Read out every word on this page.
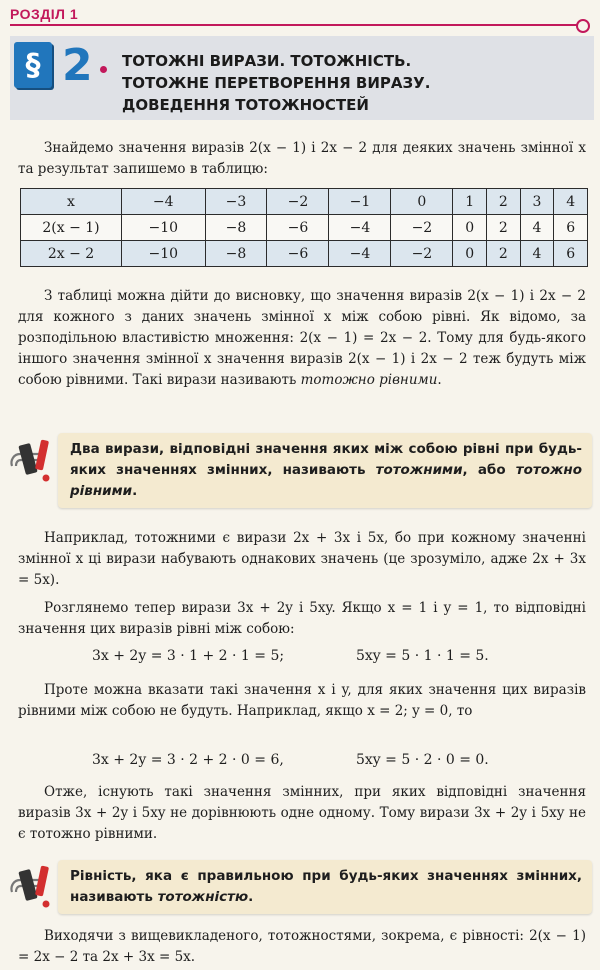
РОЗДІЛ 1
§ 2 ТОТОЖНІ ВИРАЗИ. ТОТОЖНІСТЬ.
ТОТОЖНЕ ПЕРЕТВОРЕННЯ ВИРАЗУ.
ДОВЕДЕННЯ ТОТОЖНОСТЕЙ

Знайдемо значення виразів 2(x − 1) і 2x − 2 для деяких значень змінної x та результат запишемо в таблицю:

x	−4	−3	−2	−1	0	1	2	3	4
2(x − 1)	−10	−8	−6	−4	−2	0	2	4	6
2x − 2	−10	−8	−6	−4	−2	0	2	4	6

З таблиці можна дійти до висновку, що значення виразів 2(x − 1) і 2x − 2 для кожного з даних значень змінної x між собою рівні. Як відомо, за розподільною властивістю множення: 2(x − 1) = 2x − 2. Тому для будь-якого іншого значення змінної x значення виразів 2(x − 1) і 2x − 2 теж будуть між собою рівними. Такі вирази називають тотожно рівними.

Два вирази, відповідні значення яких між собою рівні при будь-яких значеннях змінних, називають тотожними, або тотожно рівними.

Наприклад, тотожними є вирази 2x + 3x і 5x, бо при кожному значенні змінної x ці вирази набувають однакових значень (це зрозуміло, адже 2x + 3x = 5x).

Розглянемо тепер вирази 3x + 2y і 5xy. Якщо x = 1 і y = 1, то відповідні значення цих виразів рівні між собою:

3x + 2y = 3 · 1 + 2 · 1 = 5;	5xy = 5 · 1 · 1 = 5.

Проте можна вказати такі значення x і y, для яких значення цих виразів рівними між собою не будуть. Наприклад, якщо x = 2; y = 0, то

3x + 2y = 3 · 2 + 2 · 0 = 6,	5xy = 5 · 2 · 0 = 0.

Отже, існують такі значення змінних, при яких відповідні значення виразів 3x + 2y і 5xy не дорівнюють одне одному. Тому вирази 3x + 2y і 5xy не є тотожно рівними.

Рівність, яка є правильною при будь-яких значеннях змінних, називають тотожністю.

Виходячи з вищевикладеного, тотожностями, зокрема, є рівності: 2(x − 1) = 2x − 2 та 2x + 3x = 5x.
